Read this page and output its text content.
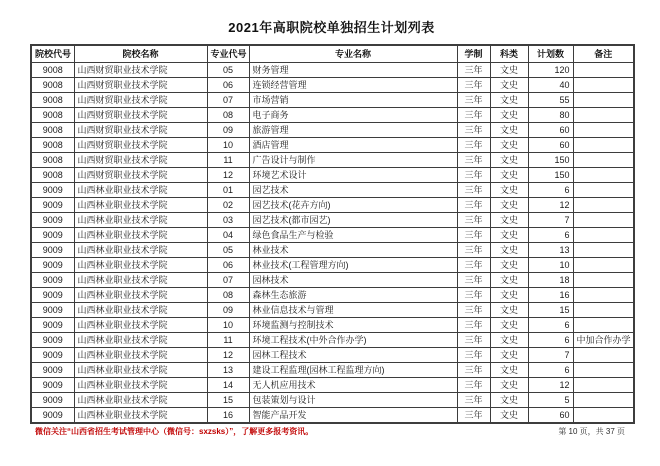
2021年高职院校单独招生计划列表
院校代号	院校名称	专业代号	专业名称	学制	科类	计划数	备注
9008	山西财贸职业技术学院	05	财务管理	三年	文史	120	
9008	山西财贸职业技术学院	06	连锁经营管理	三年	文史	40	
9008	山西财贸职业技术学院	07	市场营销	三年	文史	55	
9008	山西财贸职业技术学院	08	电子商务	三年	文史	80	
9008	山西财贸职业技术学院	09	旅游管理	三年	文史	60	
9008	山西财贸职业技术学院	10	酒店管理	三年	文史	60	
9008	山西财贸职业技术学院	11	广告设计与制作	三年	文史	150	
9008	山西财贸职业技术学院	12	环境艺术设计	三年	文史	150	
9009	山西林业职业技术学院	01	园艺技术	三年	文史	6	
9009	山西林业职业技术学院	02	园艺技术(花卉方向)	三年	文史	12	
9009	山西林业职业技术学院	03	园艺技术(都市园艺)	三年	文史	7	
9009	山西林业职业技术学院	04	绿色食品生产与检验	三年	文史	6	
9009	山西林业职业技术学院	05	林业技术	三年	文史	13	
9009	山西林业职业技术学院	06	林业技术(工程管理方向)	三年	文史	10	
9009	山西林业职业技术学院	07	园林技术	三年	文史	18	
9009	山西林业职业技术学院	08	森林生态旅游	三年	文史	16	
9009	山西林业职业技术学院	09	林业信息技术与管理	三年	文史	15	
9009	山西林业职业技术学院	10	环境监测与控制技术	三年	文史	6	
9009	山西林业职业技术学院	11	环境工程技术(中外合作办学)	三年	文史	6	中加合作办学
9009	山西林业职业技术学院	12	园林工程技术	三年	文史	7	
9009	山西林业职业技术学院	13	建设工程监理(园林工程监理方向)	三年	文史	6	
9009	山西林业职业技术学院	14	无人机应用技术	三年	文史	12	
9009	山西林业职业技术学院	15	包装策划与设计	三年	文史	5	
9009	山西林业职业技术学院	16	智能产品开发	三年	文史	60	
微信关注“山西省招生考试管理中心（微信号：sxzsks）”，了解更多报考资讯。	第 10 页，共 37 页
